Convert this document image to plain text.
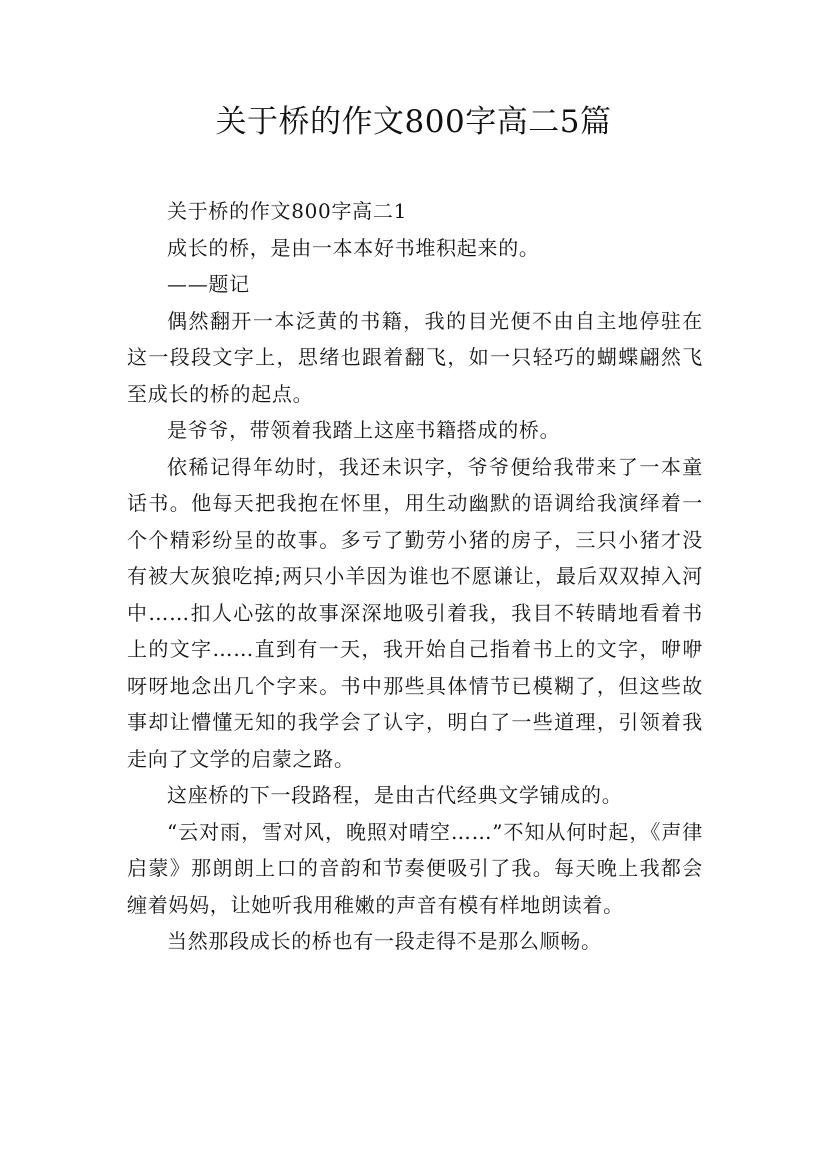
关于桥的作文800字高二5篇

关于桥的作文800字高二1

成长的桥，是由一本本好书堆积起来的。

——题记

偶然翻开一本泛黄的书籍，我的目光便不由自主地停驻在这一段段文字上，思绪也跟着翻飞，如一只轻巧的蝴蝶翩然飞至成长的桥的起点。

是爷爷，带领着我踏上这座书籍搭成的桥。

依稀记得年幼时，我还未识字，爷爷便给我带来了一本童话书。他每天把我抱在怀里，用生动幽默的语调给我演绎着一个个精彩纷呈的故事。多亏了勤劳小猪的房子，三只小猪才没有被大灰狼吃掉;两只小羊因为谁也不愿谦让，最后双双掉入河中……扣人心弦的故事深深地吸引着我，我目不转睛地看着书上的文字……直到有一天，我开始自己指着书上的文字，咿咿呀呀地念出几个字来。书中那些具体情节已模糊了，但这些故事却让懵懂无知的我学会了认字，明白了一些道理，引领着我走向了文学的启蒙之路。

这座桥的下一段路程，是由古代经典文学铺成的。

“云对雨，雪对风，晚照对晴空……”不知从何时起，《声律启蒙》那朗朗上口的音韵和节奏便吸引了我。每天晚上我都会缠着妈妈，让她听我用稚嫩的声音有模有样地朗读着。

当然那段成长的桥也有一段走得不是那么顺畅。
